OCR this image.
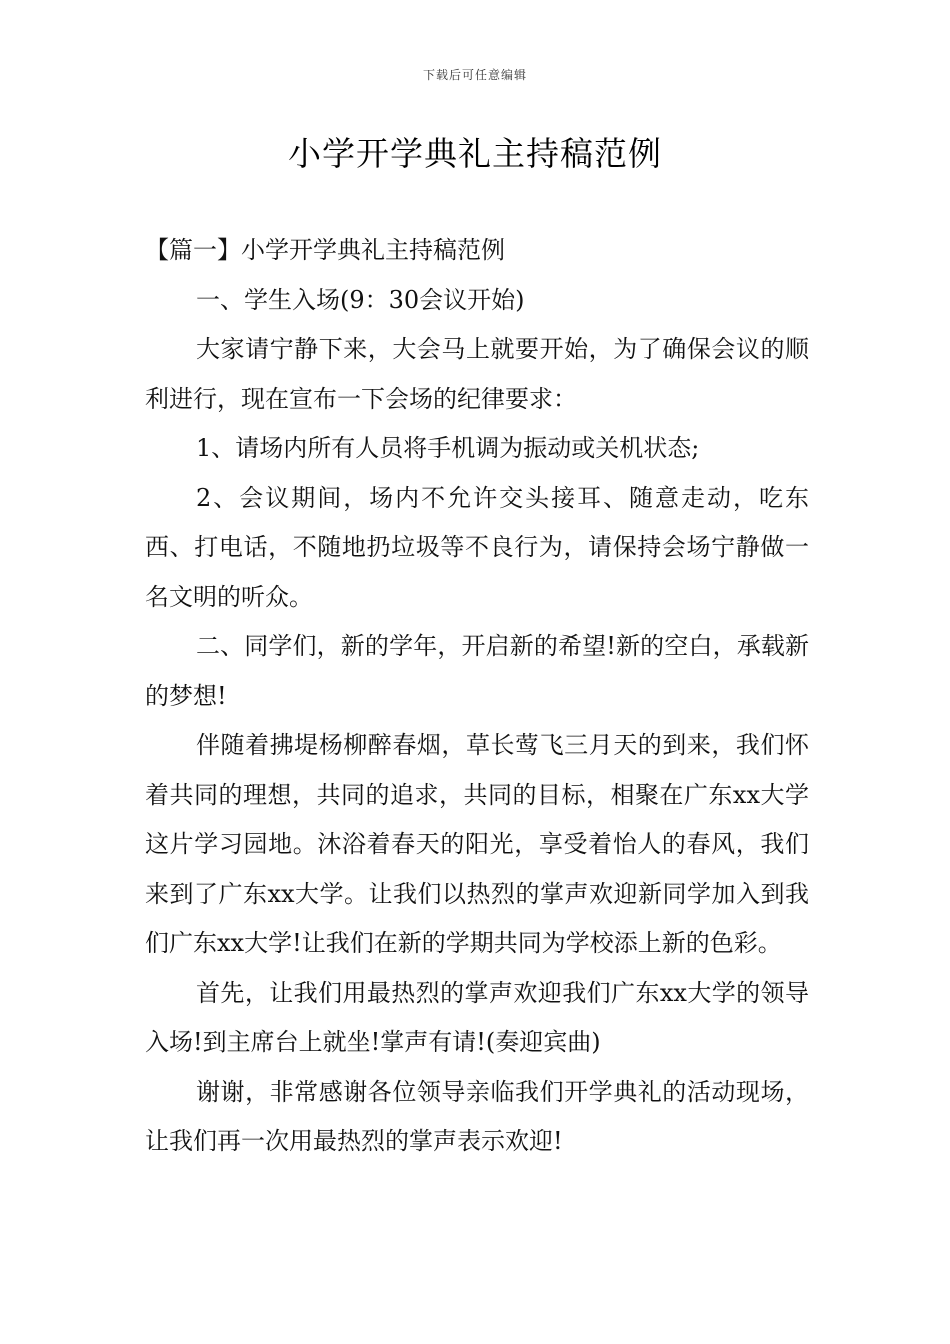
下载后可任意编辑
小学开学典礼主持稿范例

【篇一】小学开学典礼主持稿范例

一、学生入场(9：30会议开始)

大家请宁静下来，大会马上就要开始，为了确保会议的顺利进行，现在宣布一下会场的纪律要求：

1、请场内所有人员将手机调为振动或关机状态;

2、会议期间，场内不允许交头接耳、随意走动，吃东西、打电话，不随地扔垃圾等不良行为，请保持会场宁静做一名文明的听众。

二、同学们，新的学年，开启新的希望!新的空白，承载新的梦想!

伴随着拂堤杨柳醉春烟，草长莺飞三月天的到来，我们怀着共同的理想，共同的追求，共同的目标，相聚在广东xx大学这片学习园地。沐浴着春天的阳光，享受着怡人的春风，我们来到了广东xx大学。让我们以热烈的掌声欢迎新同学加入到我们广东xx大学!让我们在新的学期共同为学校添上新的色彩。

首先，让我们用最热烈的掌声欢迎我们广东xx大学的领导入场!到主席台上就坐!掌声有请!(奏迎宾曲)

谢谢，非常感谢各位领导亲临我们开学典礼的活动现场，让我们再一次用最热烈的掌声表示欢迎!
